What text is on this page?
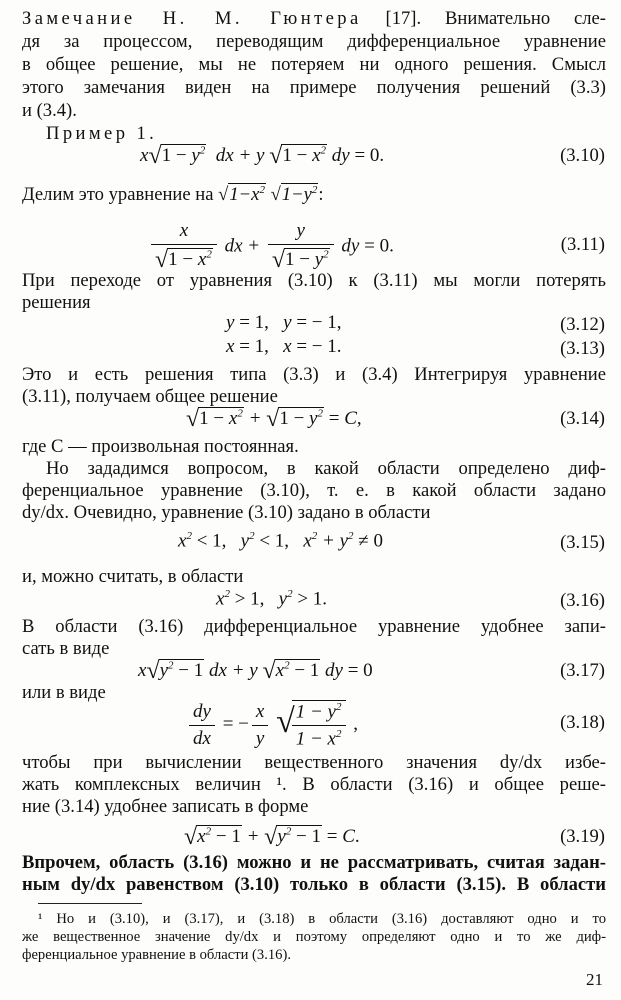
Замечание Н. М. Гюнтера [17]. Внимательно сле-
дя за процессом, переводящим дифференциальное уравнение
в общее решение, мы не потеряем ни одного решения. Смысл
этого замечания виден на примере получения решений (3.3)
и (3.4).
Пример 1.
$x√1 - y^2$  dx + y $√1 - x^2$ dy = 0.	(3.10)
Делим это уравнение на $√1-x^2$ $√1-y^2$:
$\frac{x}{√1 - x^2}$ dx + $\frac{y}{√1 - y^2}$ dy = 0.	(3.11)
При переходе от уравнения (3.10) к (3.11) мы могли потерять
решения
y = 1,   y = − 1,	(3.12)
x = 1,   x = − 1.	(3.13)
Это и есть решения типа (3.3) и (3.4) Интегрируя уравнение
(3.11), получаем общее решение
$√1 - x^2 + √1 - y^2 = C$,	(3.14)
где C — произвольная постоянная.
Но зададимся вопросом, в какой области определено диф-
ференциальное уравнение (3.10), т. е. в какой области задано
dy/dx. Очевидно, уравнение (3.10) задано в области
$x^2 < 1$,   $y^2 < 1$,   $x^2 + y^2 \ne 0$	(3.15)
и, можно считать, в области
$x^2 > 1$,   $y^2 > 1$.	(3.16)
В области (3.16) дифференциальное уравнение удобнее запи-
сать в виде
$x√y^2 - 1$ dx + y $√x^2 - 1$ dy = 0	(3.17)
или в виде
$\frac{dy}{dx}$ = − $\frac{x}{y}$ √
$\frac{1 - y^2}{1 - x^2}$ ,	(3.18)
чтобы при вычислении вещественного значения dy/dx избе-
жать комплексных величин ¹. В области (3.16) и общее реше-
ние (3.14) удобнее записать в форме
$√x^2 - 1 + √y^2 - 1 = C$.	(3.19)
Впрочем, область (3.16) можно и не рассматривать, считая задан-
ным dy/dx равенством (3.10) только в области (3.15). В области
¹ Но и (3.10), и (3.17), и (3.18) в области (3.16) доставляют одно и то
же вещественное значение dy/dx и поэтому определяют одно и то же диф-
ференциальное уравнение в области (3.16).
21
